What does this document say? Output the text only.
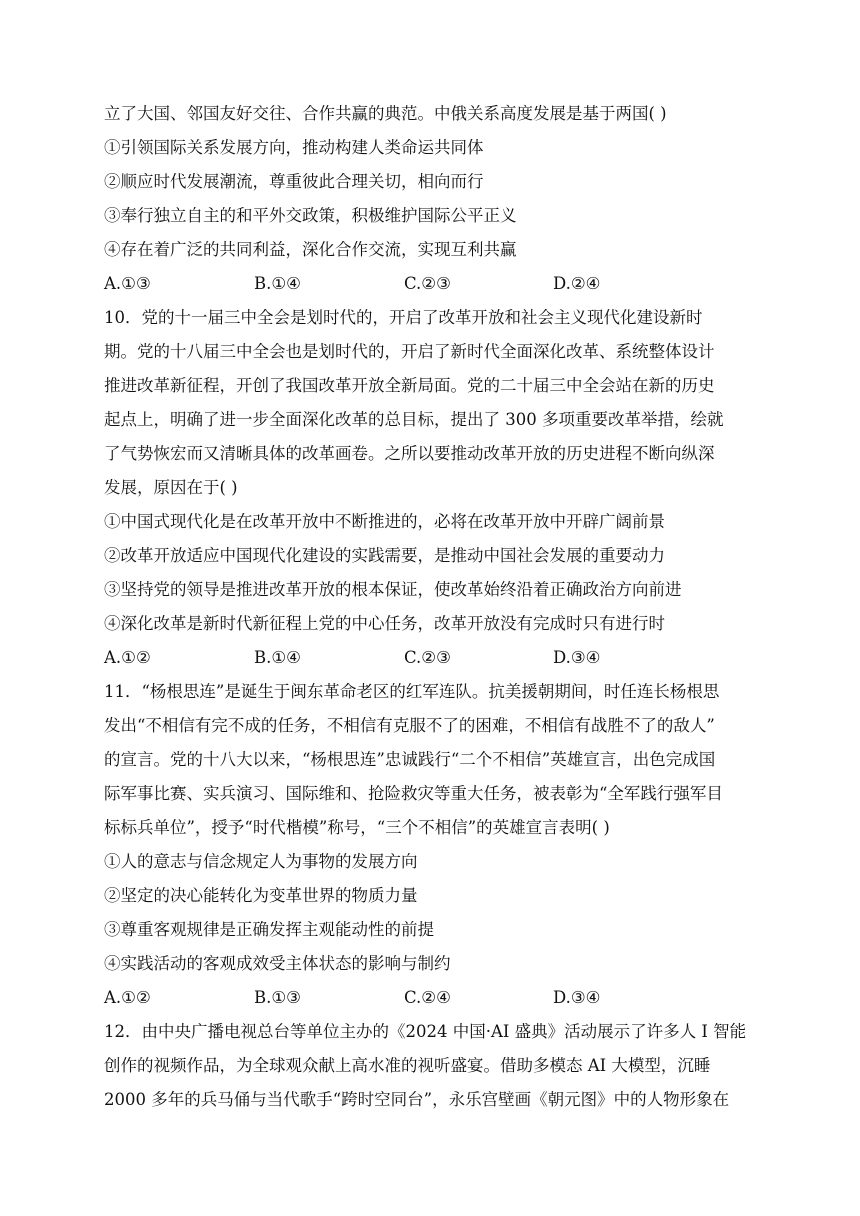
立了大国、邻国友好交往、合作共赢的典范。中俄关系高度发展是基于两国( )
①引领国际关系发展方向，推动构建人类命运共同体
②顺应时代发展潮流，尊重彼此合理关切，相向而行
③奉行独立自主的和平外交政策，积极维护国际公平正义
④存在着广泛的共同利益，深化合作交流，实现互利共赢
A.①③	B.①④	C.②③	D.②④
10．党的十一届三中全会是划时代的，开启了改革开放和社会主义现代化建设新时
期。党的十八届三中全会也是划时代的，开启了新时代全面深化改革、系统整体设计
推进改革新征程，开创了我国改革开放全新局面。党的二十届三中全会站在新的历史
起点上，明确了进一步全面深化改革的总目标，提出了 300 多项重要改革举措，绘就
了气势恢宏而又清晰具体的改革画卷。之所以要推动改革开放的历史进程不断向纵深
发展，原因在于( )
①中国式现代化是在改革开放中不断推进的，必将在改革开放中开辟广阔前景
②改革开放适应中国现代化建设的实践需要，是推动中国社会发展的重要动力
③坚持党的领导是推进改革开放的根本保证，使改革始终沿着正确政治方向前进
④深化改革是新时代新征程上党的中心任务，改革开放没有完成时只有进行时
A.①②	B.①④	C.②③	D.③④
11．“杨根思连”是诞生于闽东革命老区的红军连队。抗美援朝期间，时任连长杨根思
发出“不相信有完不成的任务，不相信有克服不了的困难，不相信有战胜不了的敌人”
的宣言。党的十八大以来，“杨根思连”忠诚践行“二个不相信”英雄宣言，出色完成国
际军事比赛、实兵演习、国际维和、抢险救灾等重大任务，被表彰为“全军践行强军目
标标兵单位”，授予“时代楷模”称号，“三个不相信”的英雄宣言表明( )
①人的意志与信念规定人为事物的发展方向
②坚定的决心能转化为变革世界的物质力量
③尊重客观规律是正确发挥主观能动性的前提
④实践活动的客观成效受主体状态的影响与制约
A.①②	B.①③	C.②④	D.③④
12．由中央广播电视总台等单位主办的《2024 中国·AI 盛典》活动展示了许多人 I 智能
创作的视频作品，为全球观众献上高水准的视听盛宴。借助多模态 AI 大模型，沉睡
2000 多年的兵马俑与当代歌手“跨时空同台”，永乐宫壁画《朝元图》中的人物形象在
